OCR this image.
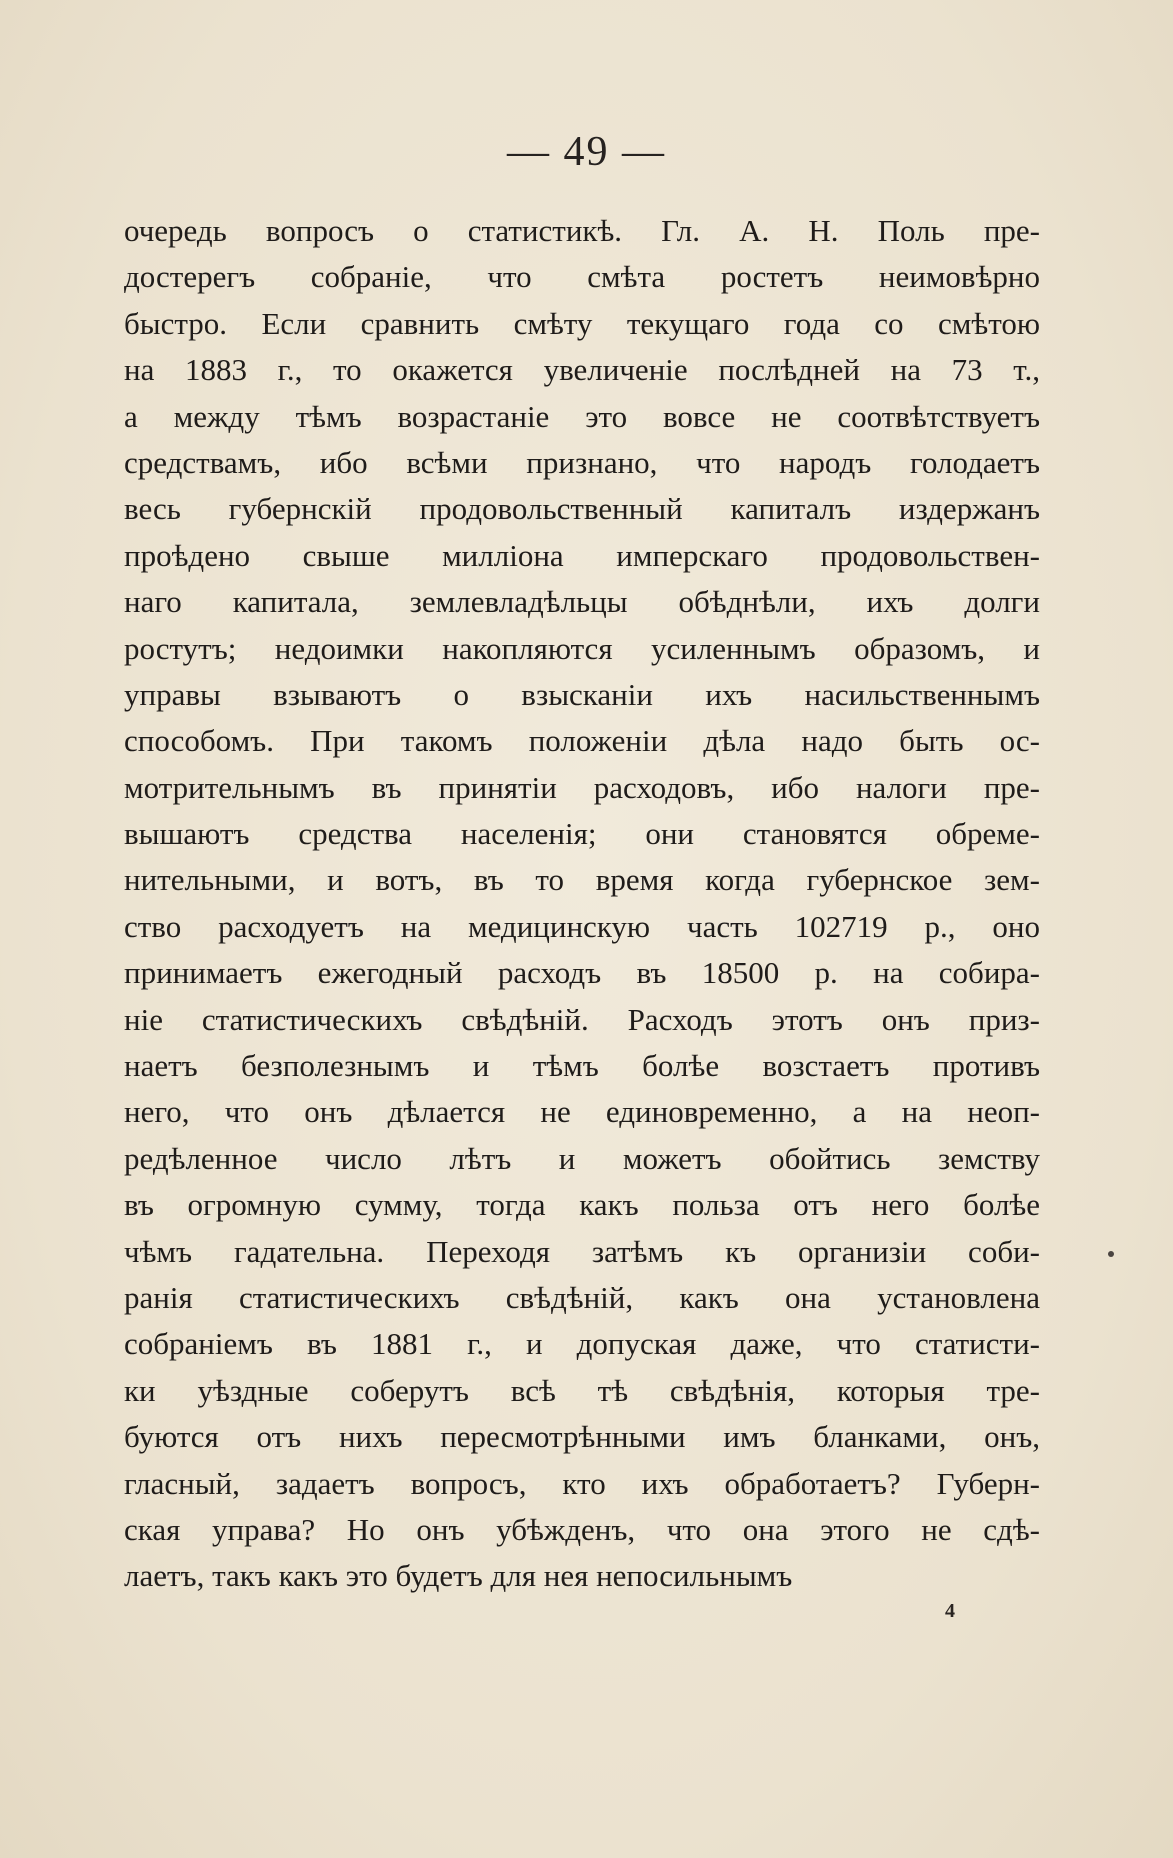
— 49 —
очередь вопросъ о статистикѣ. Гл. А. Н. Поль пре-
достерегъ собраніе, что смѣта ростетъ неимовѣрно
быстро. Если сравнить смѣту текущаго года со смѣтою
на 1883 г., то окажется увеличеніе послѣдней на 73 т.,
а между тѣмъ возрастаніе это вовсе не соотвѣтствуетъ
средствамъ, ибо всѣми признано, что народъ голодаетъ
весь губернскій продовольственный капиталъ издержанъ
проѣдено свыше милліона имперскаго продовольствен-
наго капитала, землевладѣльцы обѣднѣли, ихъ долги
ростутъ; недоимки накопляются усиленнымъ образомъ, и
управы взываютъ о взысканіи ихъ насильственнымъ
способомъ. При такомъ положеніи дѣла надо быть ос-
мотрительнымъ въ принятіи расходовъ, ибо налоги пре-
вышаютъ средства населенія; они становятся обреме-
нительными, и вотъ, въ то время когда губернское зем-
ство расходуетъ на медицинскую часть 102719 р., оно
принимаетъ ежегодный расходъ въ 18500 р. на собира-
ніе статистическихъ свѣдѣній. Расходъ этотъ онъ приз-
наетъ безполезнымъ и тѣмъ болѣе возстаетъ противъ
него, что онъ дѣлается не единовременно, а на неоп-
редѣленное число лѣтъ и можетъ обойтись земству
въ огромную сумму, тогда какъ польза отъ него болѣе
чѣмъ гадательна. Переходя затѣмъ къ организіи соби-
ранія статистическихъ свѣдѣній, какъ она установлена
собраніемъ въ 1881 г., и допуская даже, что статисти-
ки уѣздные соберутъ всѣ тѣ свѣдѣнія, которыя тре-
буются отъ нихъ пересмотрѣнными имъ бланками, онъ,
гласный, задаетъ вопросъ, кто ихъ обработаетъ? Губерн-
ская управа? Но онъ убѣжденъ, что она этого не сдѣ-
лаетъ, такъ какъ это будетъ для нея непосильнымъ
4
